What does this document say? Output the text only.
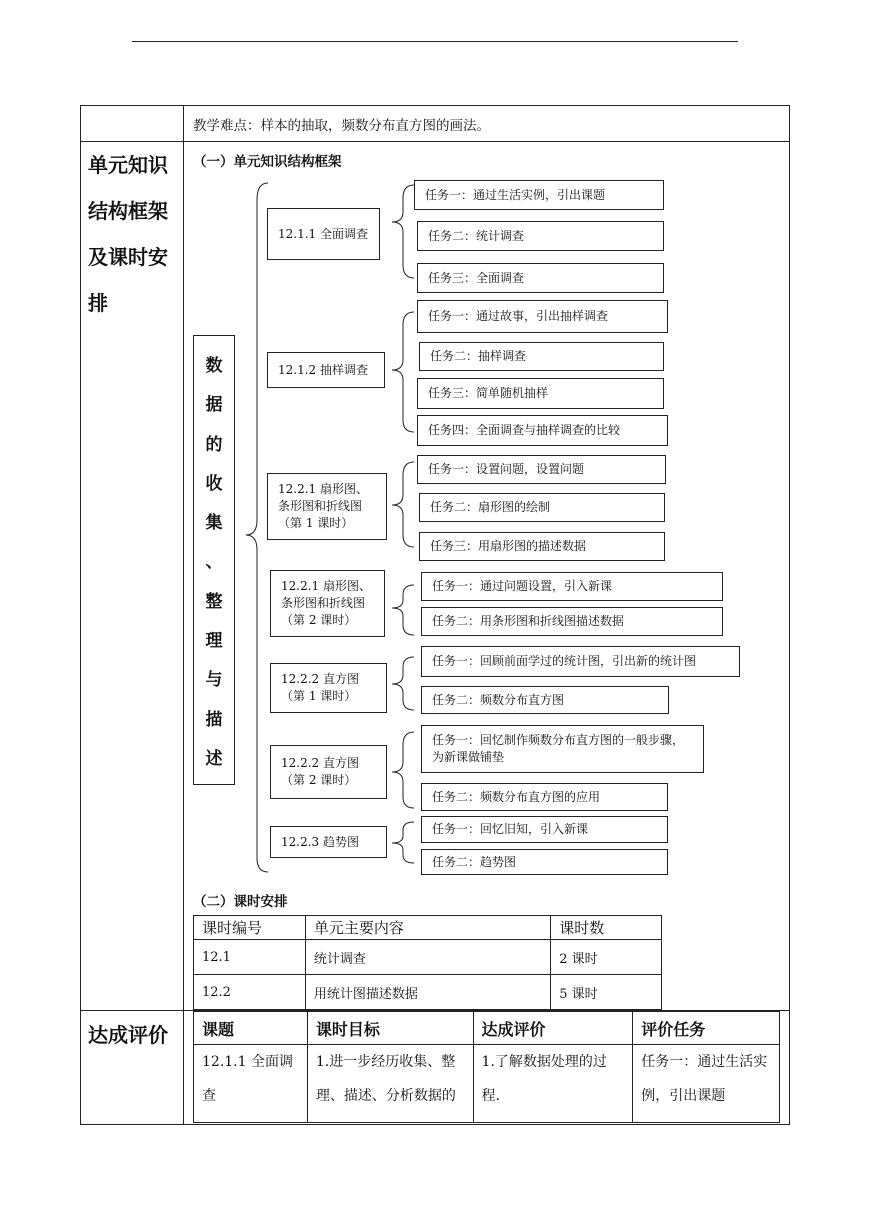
教学难点：样本的抽取，频数分布直方图的画法。
单元知识
结构框架
及课时安
排
达成评价
（一）单元知识结构框架
数
据
的
收
集
、
整
理
与
描
述
12.1.1 全面调查
12.1.2 抽样调查
12.2.1 扇形图、条形图和折线图（第 1 课时）
12.2.1 扇形图、条形图和折线图（第 2 课时）
12.2.2 直方图（第 1 课时）
12.2.2 直方图（第 2 课时）
12.2.3 趋势图
任务一：通过生活实例，引出课题
任务二：统计调查
任务三：全面调查
任务一：通过故事，引出抽样调查
任务二：抽样调查
任务三：简单随机抽样
任务四：全面调查与抽样调查的比较
任务一：设置问题，设置问题
任务二：扇形图的绘制
任务三：用扇形图的描述数据
任务一：通过问题设置，引入新课
任务二：用条形图和折线图描述数据
任务一：回顾前面学过的统计图，引出新的统计图
任务二：频数分布直方图
任务一：回忆制作频数分布直方图的一般步骤，为新课做铺垫
任务二：频数分布直方图的应用
任务一：回忆旧知，引入新课
任务二：趋势图
（二）课时安排
课时编号	单元主要内容	课时数
12.1	统计调查	2 课时
12.2	用统计图描述数据	5 课时
课题	课时目标	达成评价	评价任务
12.1.1 全面调查	1.进一步经历收集、整理、描述、分析数据的	1.了解数据处理的过程.	任务一：通过生活实例，引出课题
